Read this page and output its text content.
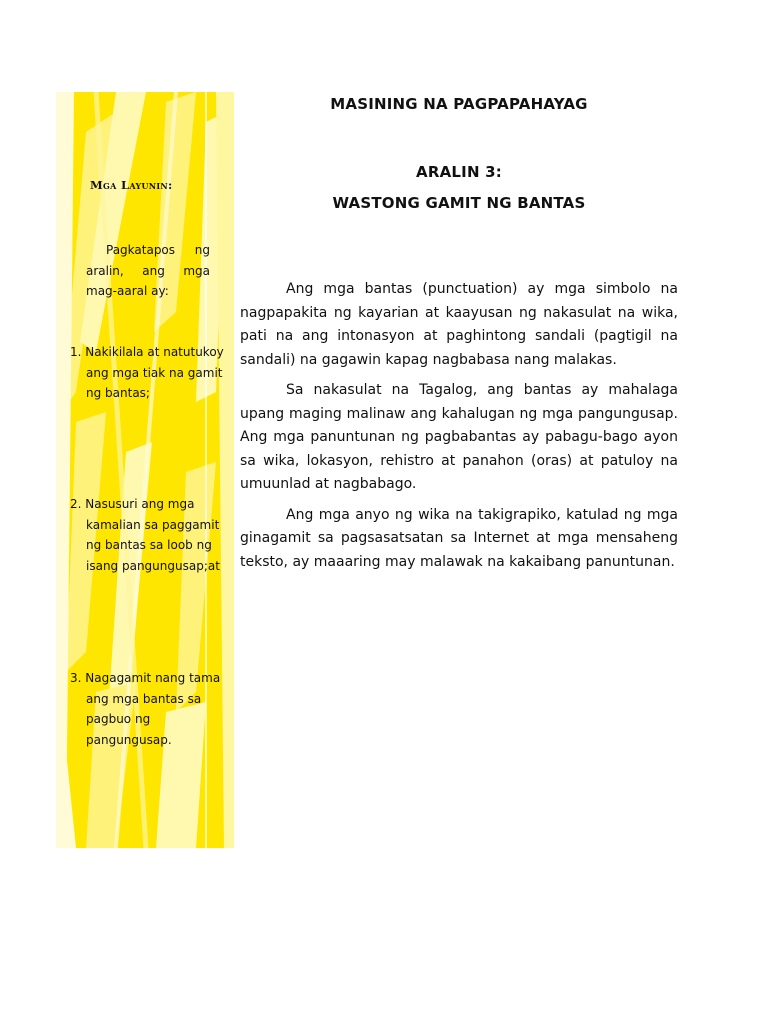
Mga Layunin:
Pagkatapos ng aralin, ang mga mag-aaral ay:
1. Nakikilala at natutukoy ang mga tiak na gamit ng bantas;
2. Nasusuri ang mga kamalian sa paggamit ng bantas sa loob ng isang pangungusap;at
3. Nagagamit nang tama ang mga bantas sa pagbuo ng pangungusap.
MASINING NA PAGPAPAHAYAG
ARALIN 3:
WASTONG GAMIT NG BANTAS

Ang mga bantas (punctuation) ay mga simbolo na nagpapakita ng kayarian at kaayusan ng nakasulat na wika, pati na ang intonasyon at paghintong sandali (pagtigil na sandali) na gagawin kapag nagbabasa nang malakas.

Sa nakasulat na Tagalog, ang bantas ay mahalaga upang maging malinaw ang kahalugan ng mga pangungusap. Ang mga panuntunan ng pagbabantas ay pabagu-bago ayon sa wika, lokasyon, rehistro at panahon (oras) at patuloy na umuunlad at nagbabago.

Ang mga anyo ng wika na takigrapiko, katulad ng mga ginagamit sa pagsasatsatan sa Internet at mga mensaheng teksto, ay maaaring may malawak na kakaibang panuntunan.
